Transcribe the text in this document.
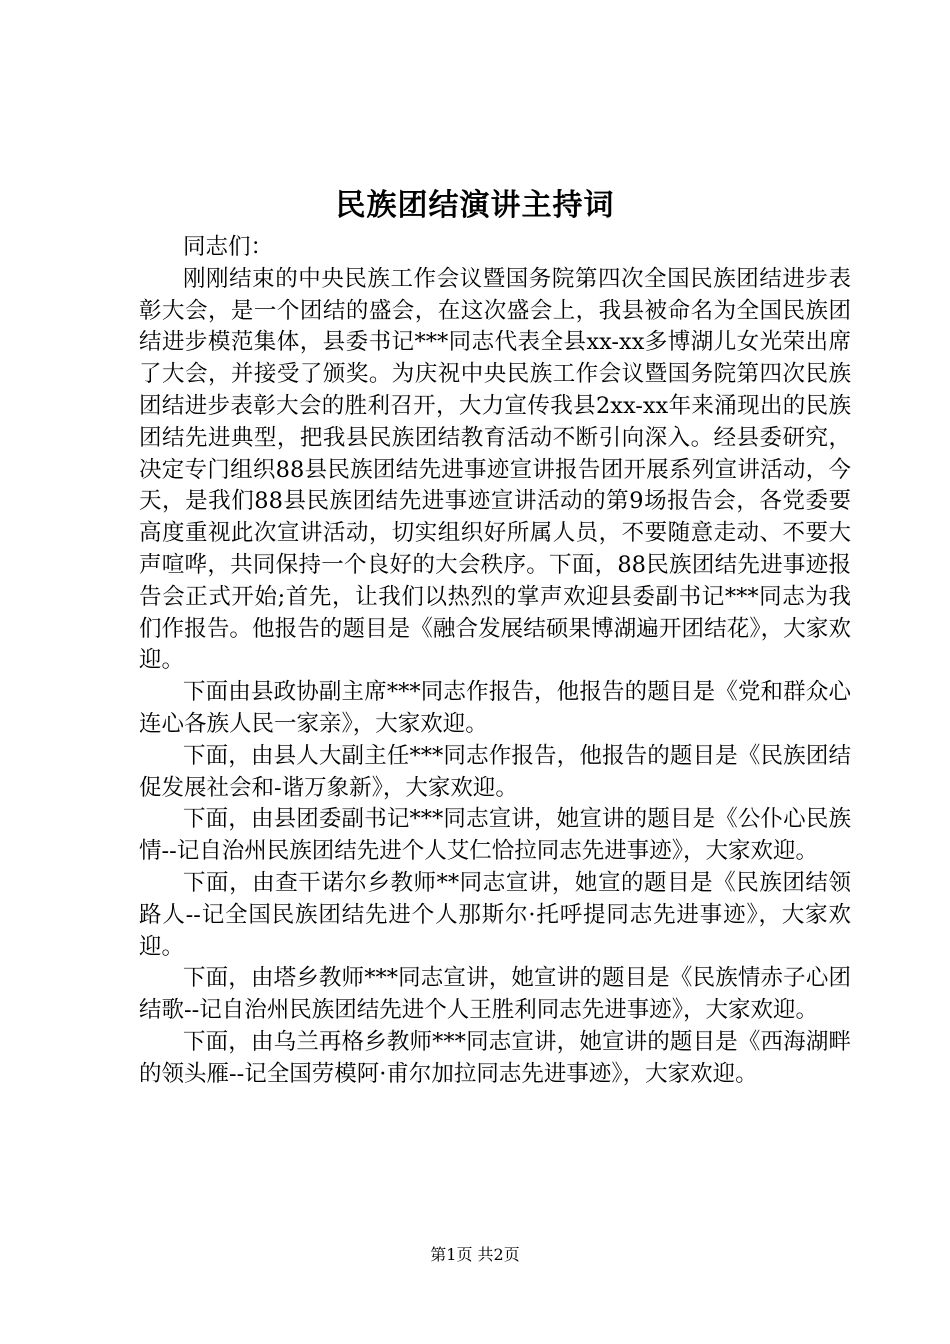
民族团结演讲主持词

同志们：

刚刚结束的中央民族工作会议暨国务院第四次全国民族团结进步表彰大会，是一个团结的盛会，在这次盛会上，我县被命名为全国民族团结进步模范集体，县委书记***同志代表全县xx-xx多博湖儿女光荣出席了大会，并接受了颁奖。为庆祝中央民族工作会议暨国务院第四次民族团结进步表彰大会的胜利召开，大力宣传我县2xx-xx年来涌现出的民族团结先进典型，把我县民族团结教育活动不断引向深入。经县委研究，决定专门组织88县民族团结先进事迹宣讲报告团开展系列宣讲活动，今天，是我们88县民族团结先进事迹宣讲活动的第9场报告会，各党委要高度重视此次宣讲活动，切实组织好所属人员，不要随意走动、不要大声喧哗，共同保持一个良好的大会秩序。下面，88民族团结先进事迹报告会正式开始;首先，让我们以热烈的掌声欢迎县委副书记***同志为我们作报告。他报告的题目是《融合发展结硕果博湖遍开团结花》，大家欢迎。

下面由县政协副主席***同志作报告，他报告的题目是《党和群众心连心各族人民一家亲》，大家欢迎。

下面，由县人大副主任***同志作报告，他报告的题目是《民族团结促发展社会和-谐万象新》，大家欢迎。

下面，由县团委副书记***同志宣讲，她宣讲的题目是《公仆心民族情--记自治州民族团结先进个人艾仁恰拉同志先进事迹》，大家欢迎。

下面，由查干诺尔乡教师**同志宣讲，她宣的题目是《民族团结领路人--记全国民族团结先进个人那斯尔·托呼提同志先进事迹》，大家欢迎。

下面，由塔乡教师***同志宣讲，她宣讲的题目是《民族情赤子心团结歌--记自治州民族团结先进个人王胜利同志先进事迹》，大家欢迎。

下面，由乌兰再格乡教师***同志宣讲，她宣讲的题目是《西海湖畔的领头雁--记全国劳模阿·甫尔加拉同志先进事迹》，大家欢迎。

第1页 共2页
